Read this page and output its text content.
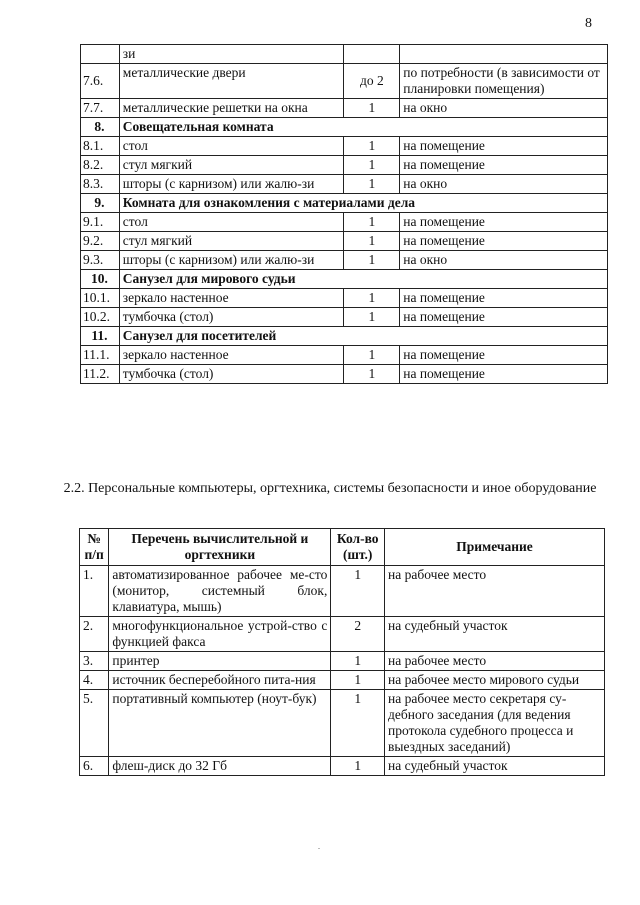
8
	зи		
7.6.	металлические двери	до 2	по потребности (в зависимости от планировки помещения)
7.7.	металлические решетки на окна	1	на окно
8.	Совещательная комната		
8.1.	стол	1	на помещение
8.2.	стул мягкий	1	на помещение
8.3.	шторы (с карнизом) или жалю-зи	1	на окно
9.	Комната для ознакомления с материалами дела		
9.1.	стол	1	на помещение
9.2.	стул мягкий	1	на помещение
9.3.	шторы (с карнизом) или жалю-зи	1	на окно
10.	Санузел для мирового судьи		
10.1.	зеркало настенное	1	на помещение
10.2.	тумбочка (стол)	1	на помещение
11.	Санузел для посетителей		
11.1.	зеркало настенное	1	на помещение
11.2.	тумбочка (стол)	1	на помещение
2.2. Персональные компьютеры, оргтехника, системы безопасности и иное оборудование
№ п/п	Перечень вычислительной и оргтехники	Кол-во (шт.)	Примечание
1.	автоматизированное рабочее ме-сто (монитор, системный блок, клавиатура, мышь)	1	на рабочее место
2.	многофункциональное устрой-ство с функцией факса	2	на судебный участок
3.	принтер	1	на рабочее место
4.	источник бесперебойного пита-ния	1	на рабочее место мирового судьи
5.	портативный компьютер (ноут-бук)	1	на рабочее место секретаря су-дебного заседания (для ведения протокола судебного процесса и выездных заседаний)
6.	флеш-диск до 32 Гб	1	на судебный участок
